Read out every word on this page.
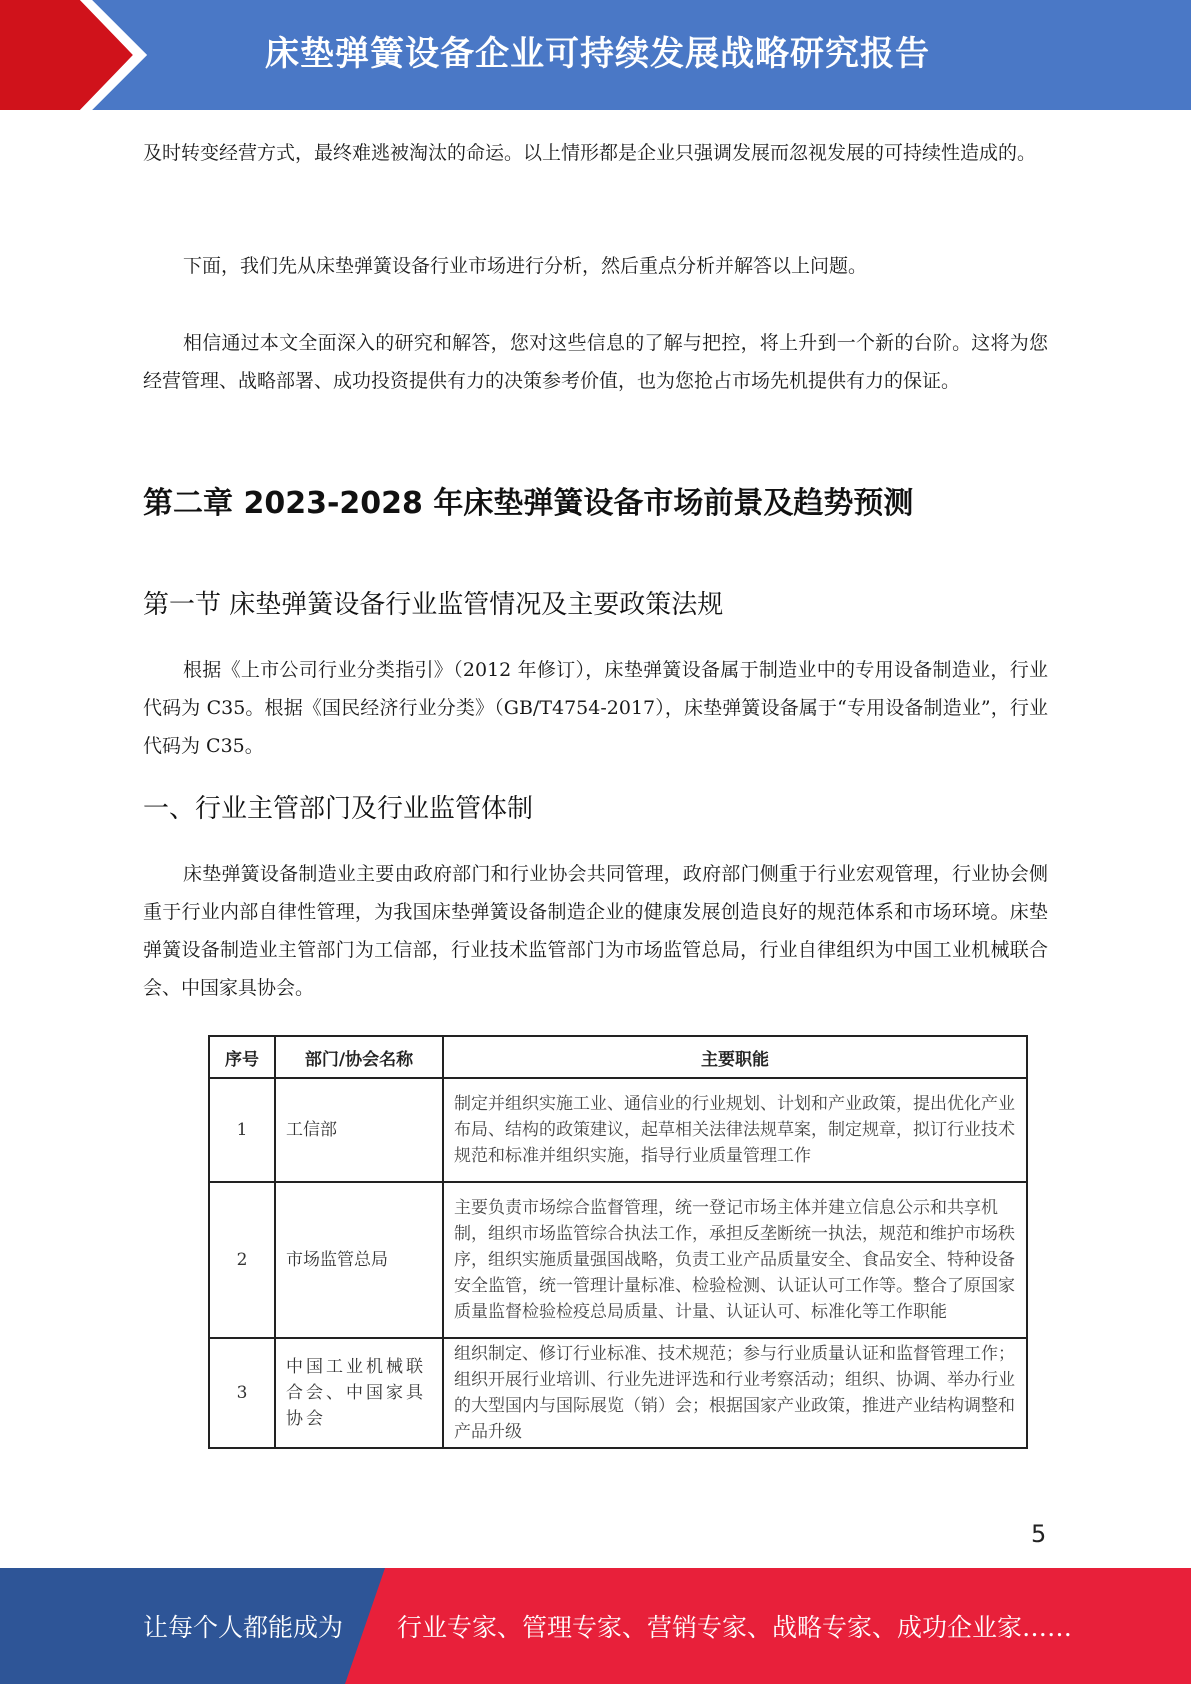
床垫弹簧设备企业可持续发展战略研究报告
及时转变经营方式，最终难逃被淘汰的命运。以上情形都是企业只强调发展而忽视发展的可持续性造成的。
下面，我们先从床垫弹簧设备行业市场进行分析，然后重点分析并解答以上问题。
相信通过本文全面深入的研究和解答，您对这些信息的了解与把控，将上升到一个新的台阶。这将为您经营管理、战略部署、成功投资提供有力的决策参考价值，也为您抢占市场先机提供有力的保证。
第二章 2023-2028 年床垫弹簧设备市场前景及趋势预测
第一节 床垫弹簧设备行业监管情况及主要政策法规
根据《上市公司行业分类指引》（2012 年修订），床垫弹簧设备属于制造业中的专用设备制造业，行业代码为 C35。根据《国民经济行业分类》（GB/T4754-2017），床垫弹簧设备属于“专用设备制造业”，行业代码为 C35。
一、行业主管部门及行业监管体制
床垫弹簧设备制造业主要由政府部门和行业协会共同管理，政府部门侧重于行业宏观管理，行业协会侧重于行业内部自律性管理，为我国床垫弹簧设备制造企业的健康发展创造良好的规范体系和市场环境。床垫弹簧设备制造业主管部门为工信部，行业技术监管部门为市场监管总局，行业自律组织为中国工业机械联合会、中国家具协会。
序号	部门/协会名称	主要职能
1	工信部	制定并组织实施工业、通信业的行业规划、计划和产业政策，提出优化产业布局、结构的政策建议，起草相关法律法规草案，制定规章，拟订行业技术规范和标准并组织实施，指导行业质量管理工作
2	市场监管总局	主要负责市场综合监督管理，统一登记市场主体并建立信息公示和共享机制，组织市场监管综合执法工作，承担反垄断统一执法，规范和维护市场秩序，组织实施质量强国战略，负责工业产品质量安全、食品安全、特种设备安全监管，统一管理计量标准、检验检测、认证认可工作等。整合了原国家质量监督检验检疫总局质量、计量、认证认可、标准化等工作职能
3	中国工业机械联合会、中国家具协会	组织制定、修订行业标准、技术规范；参与行业质量认证和监督管理工作；组织开展行业培训、行业先进评选和行业考察活动；组织、协调、举办行业的大型国内与国际展览（销）会；根据国家产业政策，推进产业结构调整和产品升级
5
让每个人都能成为 行业专家、管理专家、营销专家、战略专家、成功企业家……
